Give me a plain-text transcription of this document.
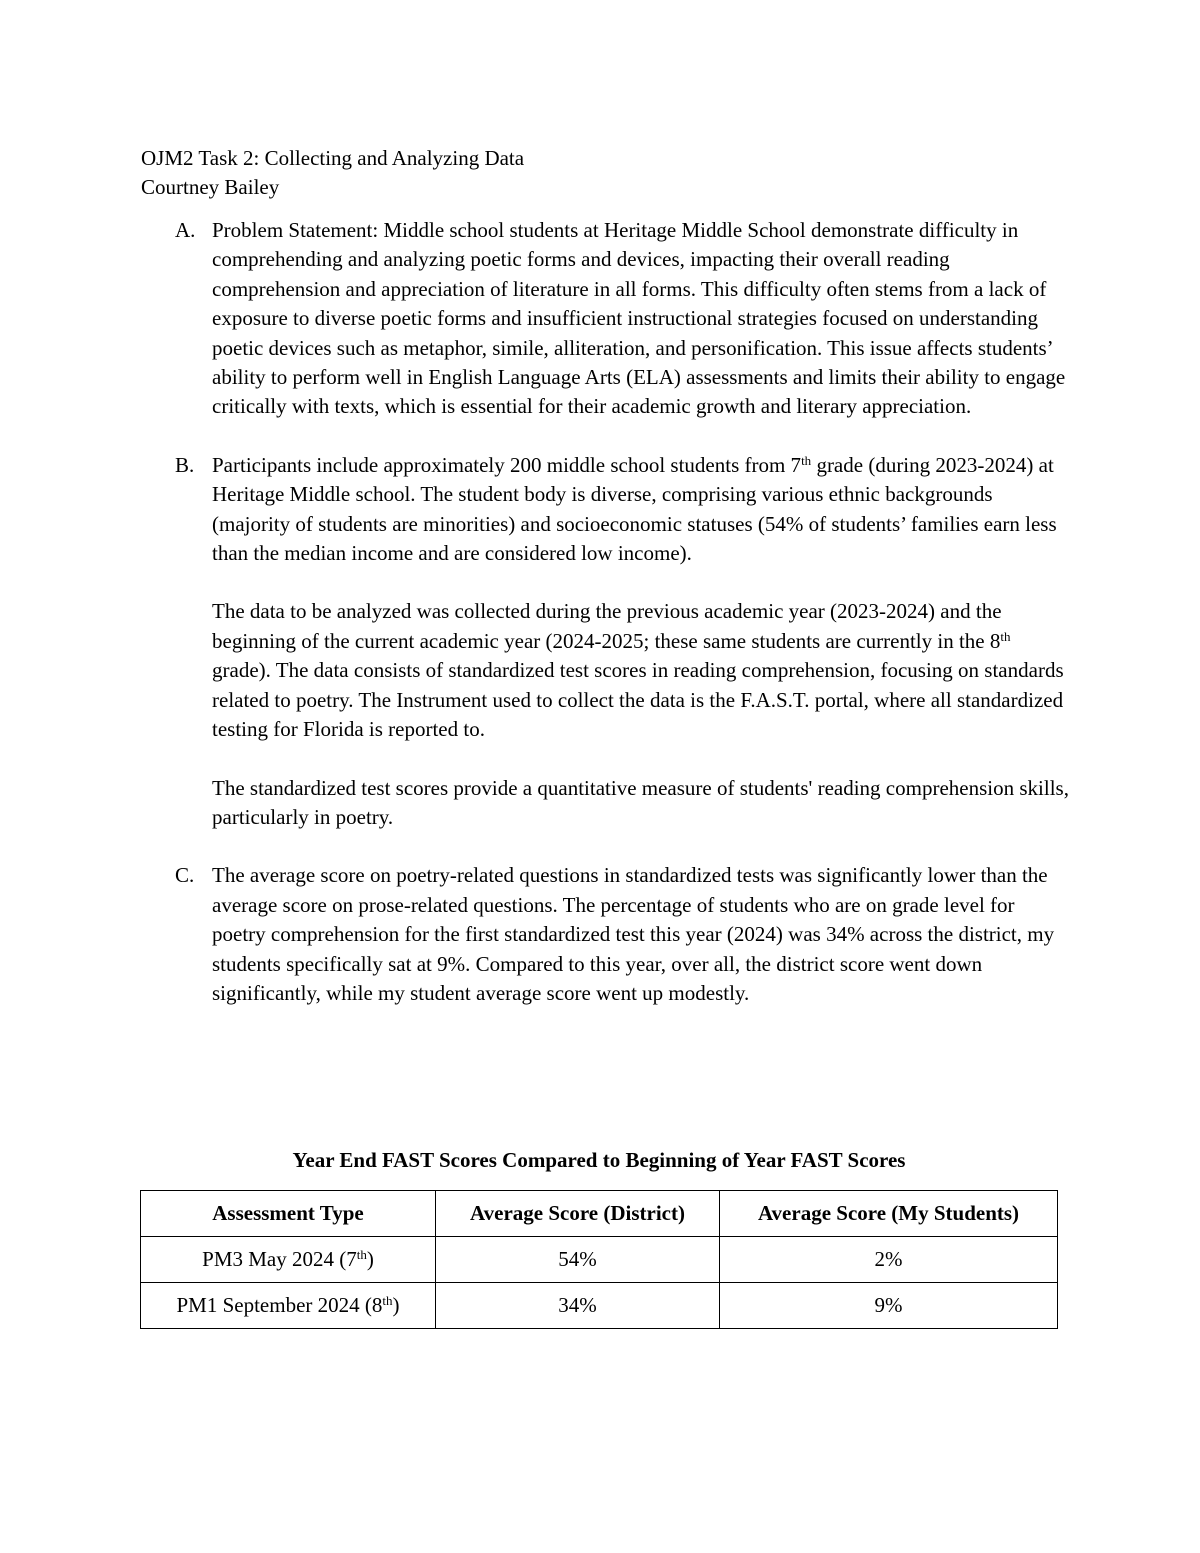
OJM2 Task 2: Collecting and Analyzing Data
Courtney Bailey
A. Problem Statement: Middle school students at Heritage Middle School demonstrate difficulty in comprehending and analyzing poetic forms and devices, impacting their overall reading comprehension and appreciation of literature in all forms. This difficulty often stems from a lack of exposure to diverse poetic forms and insufficient instructional strategies focused on understanding poetic devices such as metaphor, simile, alliteration, and personification. This issue affects students’ ability to perform well in English Language Arts (ELA) assessments and limits their ability to engage critically with texts, which is essential for their academic growth and literary appreciation.

B. Participants include approximately 200 middle school students from 7th grade (during 2023-2024) at Heritage Middle school. The student body is diverse, comprising various ethnic backgrounds (majority of students are minorities) and socioeconomic statuses (54% of students’ families earn less than the median income and are considered low income).

The data to be analyzed was collected during the previous academic year (2023-2024) and the beginning of the current academic year (2024-2025; these same students are currently in the 8th grade). The data consists of standardized test scores in reading comprehension, focusing on standards related to poetry. The Instrument used to collect the data is the F.A.S.T. portal, where all standardized testing for Florida is reported to.

The standardized test scores provide a quantitative measure of students' reading comprehension skills, particularly in poetry.

C. The average score on poetry-related questions in standardized tests was significantly lower than the average score on prose-related questions. The percentage of students who are on grade level for poetry comprehension for the first standardized test this year (2024) was 34% across the district, my students specifically sat at 9%. Compared to this year, over all, the district score went down significantly, while my student average score went up modestly.

Year End FAST Scores Compared to Beginning of Year FAST Scores
Assessment Type	Average Score (District)	Average Score (My Students)
PM3 May 2024 (7th)	54%	2%
PM1 September 2024 (8th)	34%	9%
